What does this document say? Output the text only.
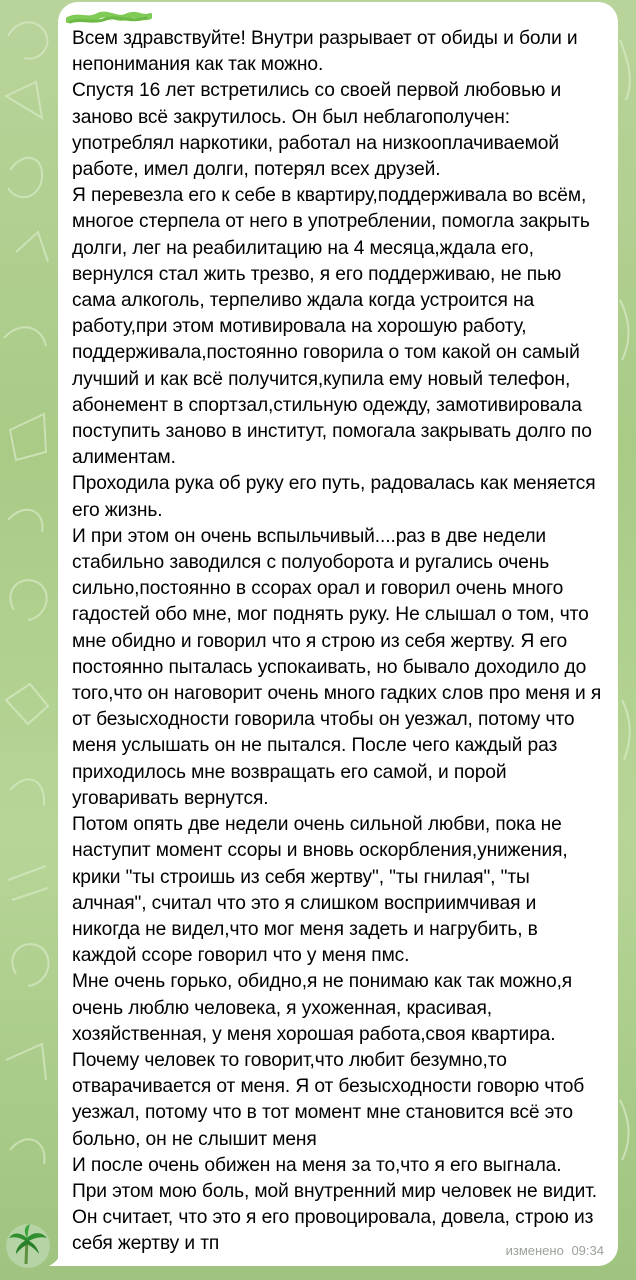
Всем здравствуйте! Внутри разрывает от обиды и боли и непонимания как так можно.
Спустя 16 лет встретились со своей первой любовью и заново всё закрутилось. Он был неблагополучен: употреблял наркотики, работал на низкооплачиваемой работе, имел долги, потерял всех друзей.
Я перевезла его к себе в квартиру,поддерживала во всём, многое стерпела от него в употреблении, помогла закрыть долги, лег на реабилитацию на 4 месяца,ждала его, вернулся стал жить трезво, я его поддерживаю, не пью сама алкоголь, терпеливо ждала когда устроится на работу,при этом мотивировала на хорошую работу, поддерживала,постоянно говорила о том какой он самый лучший и как всё получится,купила ему новый телефон, абонемент в спортзал,стильную одежду, замотивировала поступить заново в институт, помогала закрывать долго по алиментам.
Проходила рука об руку его путь, радовалась как меняется его жизнь.
И при этом он очень вспыльчивый....раз в две недели стабильно заводился с полуоборота и ругались очень сильно,постоянно в ссорах орал и говорил очень много гадостей обо мне, мог поднять руку. Не слышал о том, что мне обидно и говорил что я строю из себя жертву. Я его постоянно пыталась успокаивать, но бывало доходило до того,что он наговорит очень много гадких слов про меня и я от безысходности говорила чтобы он уезжал, потому что меня услышать он не пытался. После чего каждый раз приходилось мне возвращать его самой, и порой уговаривать вернутся.
Потом опять две недели очень сильной любви, пока не наступит момент ссоры и вновь оскорбления,унижения, крики "ты строишь из себя жертву", "ты гнилая", "ты алчная", считал что это я слишком восприимчивая и никогда не видел,что мог меня задеть и нагрубить, в каждой ссоре говорил что у меня пмс.
Мне очень горько, обидно,я не понимаю как так можно,я очень люблю человека, я ухоженная, красивая, хозяйственная, у меня хорошая работа,своя квартира.
Почему человек то говорит,что любит безумно,то отварачивается от меня. Я от безысходности говорю чтоб уезжал, потому что в тот момент мне становится всё это больно, он не слышит меня
И после очень обижен на меня за то,что я его выгнала.
При этом мою боль, мой внутренний мир человек не видит. Он считает, что это я его провоцировала, довела, строю из себя жертву и тп	изменено 09:34
